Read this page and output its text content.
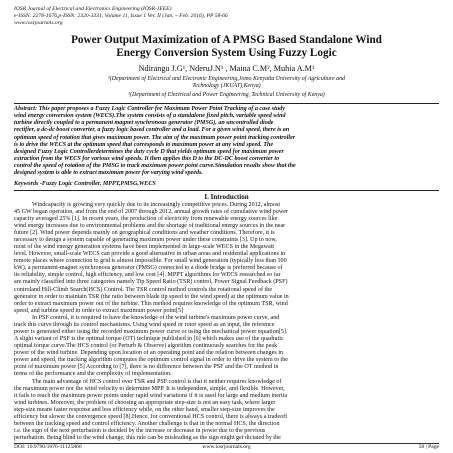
IOSR Journal of Electrical and Electronics Engineering (IOSR-JEEE)
e-ISSN: 2278-1676,p-ISSN: 2320-3331, Volume 11, Issue 1 Ver. II (Jan. – Feb. 2016), PP 58-66
www.iosrjournals.org
Power Output Maximization of A PMSG Based Standalone Wind
Energy Conversion System Using Fuzzy Logic
Ndirangu J.G¹, NderuJ.N¹ , Maina C.M², Muhia A.M¹
¹(Department of Electrical and Electronic Engineering,Jomo Kenyatta University of Agriculture and
Technology (JKUAT),Kenya)
²(Department of Electrical and Power Engineering, Technical University of Kenya)
Abstract: This paper proposes a Fuzzy Logic Controller for Maximum Power Point Tracking of a case study
wind energy conversion system (WECS).The system consists of a standalone fixed pitch, variable speed wind
turbine directly coupled to a permanent magnet synchronous generator (PMSG), an uncontrolled diode
rectifier, a dc-dc boost converter, a fuzzy logic based controller and a load. For a given wind speed, there is an
optimum speed of rotation that gives maximum power. The aim of the maximum power point tracking controller
is to drive the WECS at the optimum speed that corresponds to maximum power at any wind speed. The
designed Fuzzy Logic Controllerdetermines the duty cycle D that yields optimum speed for maximum power
extraction from the WECS for various wind speeds. It then applies this D to the DC-DC boost converter to
control the speed of rotation of the PMSG to track maximum power point curve.Simulation results show that the
designed system is able to extract maximum power for varying wind speeds.
Keywords -Fuzzy Logic Controller, MPPT,PMSG,WECS
I. Introduction
Windcapacity is growing very quickly due to its increasingly competitive prices. During 2012, almost
45 GW began operation, and from the end of 2007 through 2012, annual growth rates of cumulative wind power
capacity averaged 25% [1]. In recent years, the production of electricity from renewable energy sources like
wind energy increases due to environmental problems and the shortage of traditional energy sources in the near
future [2]. Wind power depends mainly on geographical conditions and weather conditions. Therefore, it is
necessary to design a system capable of generating maximum power under these constraints [3]. Up to now,
most of the wind energy generation systems have been implemented in large-scale WECS in the Megawatt
level. However, small-scale WECS can provide a good alternative in urban areas and residential applications in
remote places where connection to grid is almost impossible. For small wind generation (typically less than 100
kW), a permanent-magnet synchronous generator (PMSG) connected to a diode bridge is preferred because of
its reliability, simple control, high efficiency, and low cost [4]. MPPT algorithms for WECS researched so far
are mainly classified into three categories namely Tip Speed Ratio (TSR) control, Power Signal Feedback (PSF)
controland Hill-Climb Search(HCS) Control. The TSR control method controls the rotational speed of the
generator in order to maintain TSR (the ratio between blade tip speed to the wind speed) at the optimum value in
order to extract maximum power out of the turbine. This method requires knowledge of the optimum TSR, wind
speed, and turbine speed in order to extract maximum power point[5]
In PSF control, it is required to have the knowledge of the wind turbine's maximum power curve, and
track this curve through its control mechanisms. Using wind speed or rotor speed as an input, the reference
power is generated either using the recorded maximum power curve or using the mechanical power equation[5].
A slight variant of PSF is the optimal torque (OT) technique published in [6] which makes use of the quadratic
optimal torque curve.The HCS control (or Perturb & Observe) algorithm continuously searches for the peak
power of the wind turbine. Depending upon location of an operating point and the relation between changes in
power and speed, the tracking algorithm computes the optimum control signal in order to drive the system to the
point of maximum power [5] According to [7], there is no difference between the PSF and the OT method in
terms of the performance and the complexity of implementation.
The main advantage of HCS control over TSR and PSF control is that it neither requires knowledge of
the maximum power nor the wind velocity to determine MPP. It is independent, simple, and flexible. However,
it fails to reach the maximum power points under rapid wind variations if it is used for large and medium inertia
wind turbines. Moreover, the problem of choosing an appropriate step-size is not an easy task, where larger
step-size means faster response and less efficiency while, on the other hand, smaller step-size improves the
efficiency but slower the convergence speed [8].Hence, for conventional HCS control, there is always a tradeoff
between the tracking speed and control efficiency. Another challenge is that in the normal HCS, the direction
i.e. the sign of the next perturbation is decided by the increase or decrease in power due to the previous
perturbation. Being blind to the wind change, this rule can be misleading as the sign might get dictated by the
DOI: 10.9790/1676-11125866	www.iosrjournals.org	58 | Page
